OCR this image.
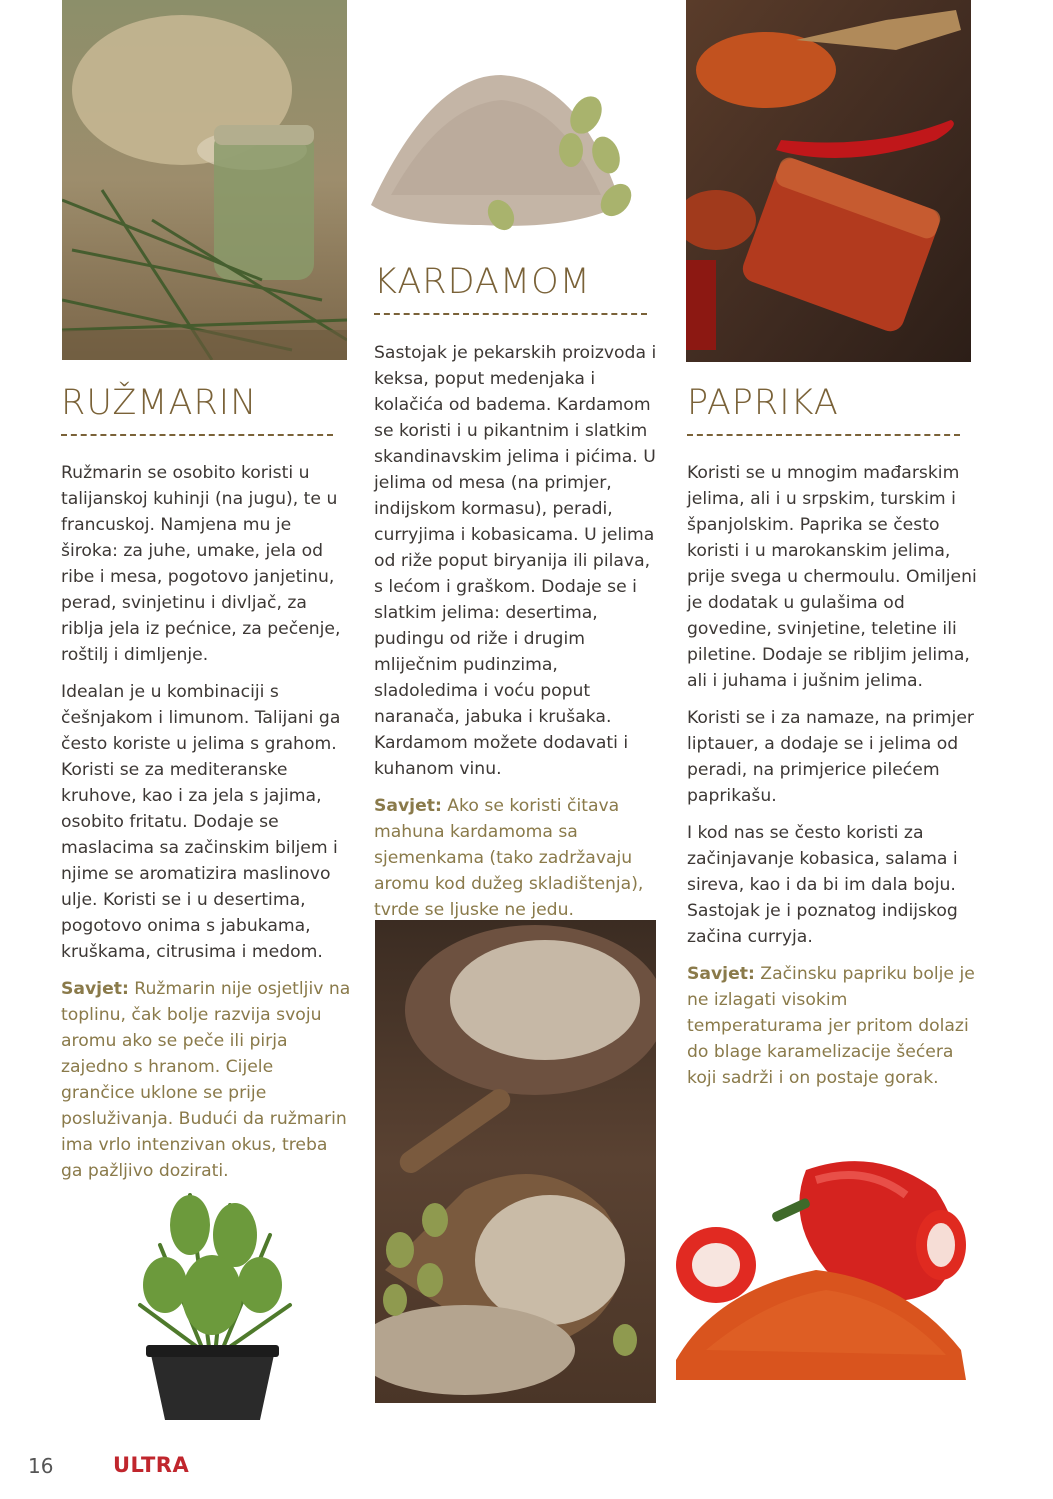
RUŽMARIN

Ružmarin se osobito koristi u talijanskoj kuhinji (na jugu), te u francuskoj. Namjena mu je široka: za juhe, umake, jela od ribe i mesa, pogotovo janjetinu, perad, svinjetinu i divljač, za riblja jela iz pećnice, za pečenje, roštilj i dimljenje.

Idealan je u kombinaciji s češnjakom i limunom. Talijani ga često koriste u jelima s grahom. Koristi se za mediteranske kruhove, kao i za jela s jajima, osobito fritatu. Dodaje se maslacima sa začinskim biljem i njime se aromatizira maslinovo ulje. Koristi se i u desertima, pogotovo onima s jabukama, kruškama, citrusima i medom.

Savjet: Ružmarin nije osjetljiv na toplinu, čak bolje razvija svoju aromu ako se peče ili pirja zajedno s hranom. Cijele grančice uklone se prije posluživanja. Budući da ružmarin ima vrlo intenzivan okus, treba ga pažljivo dozirati.

KARDAMOM

Sastojak je pekarskih proizvoda i keksa, poput medenjaka i kolačića od badema. Kardamom se koristi i u pikantnim i slatkim skandinavskim jelima i pićima. U jelima od mesa (na primjer, indijskom kormasu), peradi, curryjima i kobasicama. U jelima od riže poput biryanija ili pilava, s lećom i graškom. Dodaje se i slatkim jelima: desertima, pudingu od riže i drugim mliječnim pudinzima, sladoledima i voću poput naranača, jabuka i krušaka. Kardamom možete dodavati i kuhanom vinu.

Savjet: Ako se koristi čitava mahuna kardamoma sa sjemenkama (tako zadržavaju aromu kod dužeg skladištenja), tvrde se ljuske ne jedu.

PAPRIKA

Koristi se u mnogim mađarskim jelima, ali i u srpskim, turskim i španjolskim. Paprika se često koristi i u marokanskim jelima, prije svega u chermoulu. Omiljeni je dodatak u gulašima od govedine, svinjetine, teletine ili piletine. Dodaje se ribljim jelima, ali i juhama i jušnim jelima.

Koristi se i za namaze, na primjer liptauer, a dodaje se i jelima od peradi, na primjerice pilećem paprikašu.

I kod nas se često koristi za začinjavanje kobasica, salama i sireva, kao i da bi im dala boju. Sastojak je i poznatog indijskog začina curryja.

Savjet: Začinsku papriku bolje je ne izlagati visokim temperaturama jer pritom dolazi do blage karamelizacije šećera koji sadrži i on postaje gorak.

16	ULTRA
